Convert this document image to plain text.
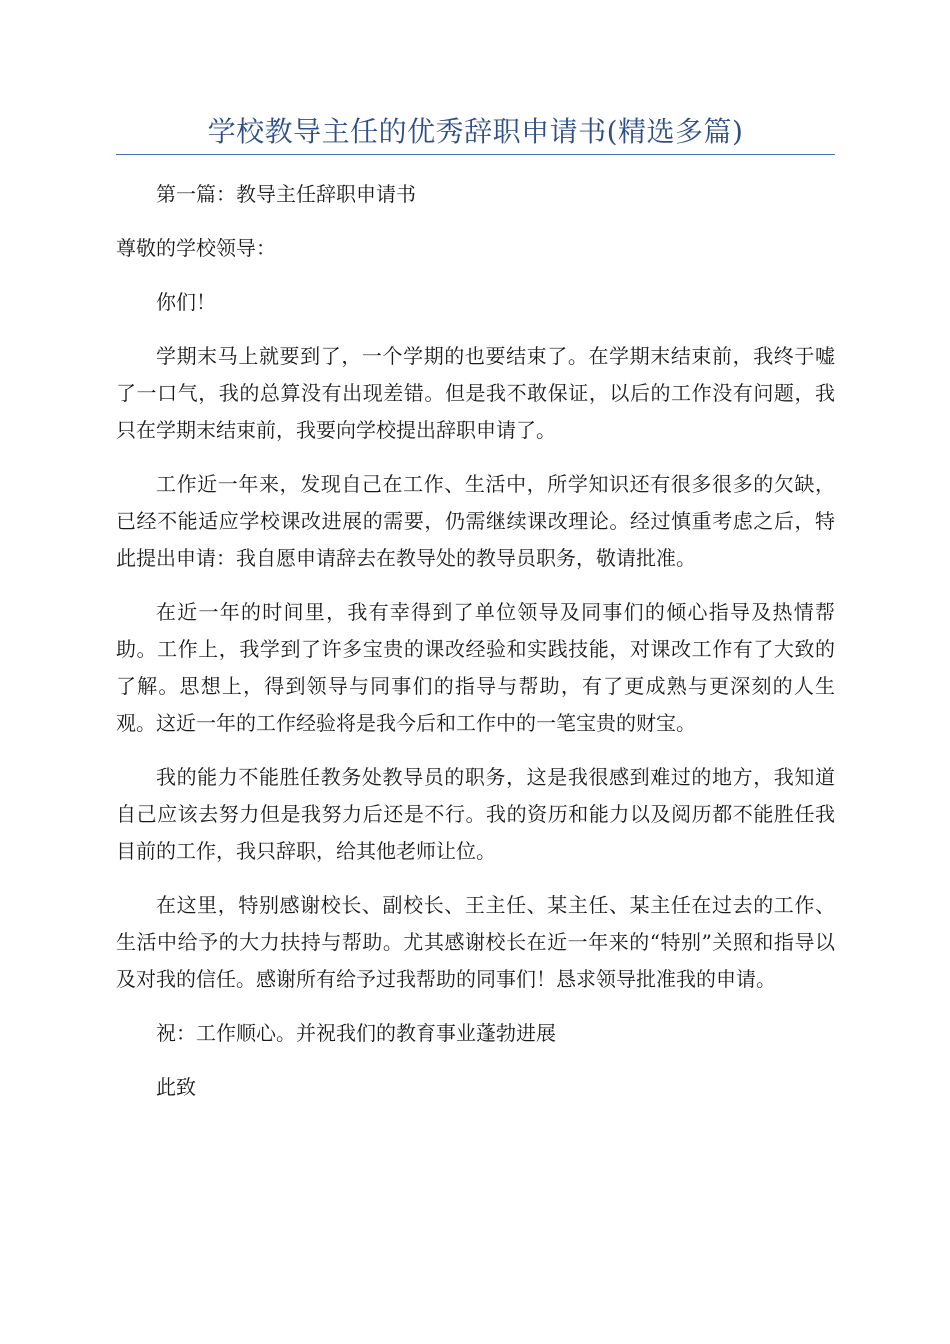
学校教导主任的优秀辞职申请书(精选多篇)

第一篇：教导主任辞职申请书

尊敬的学校领导：

你们！

学期末马上就要到了，一个学期的也要结束了。在学期末结束前，我终于嘘了一口气，我的总算没有出现差错。但是我不敢保证，以后的工作没有问题，我只在学期末结束前，我要向学校提出辞职申请了。

工作近一年来，发现自己在工作、生活中，所学知识还有很多很多的欠缺，已经不能适应学校课改进展的需要，仍需继续课改理论。经过慎重考虑之后，特此提出申请：我自愿申请辞去在教导处的教导员职务，敬请批准。

在近一年的时间里，我有幸得到了单位领导及同事们的倾心指导及热情帮助。工作上，我学到了许多宝贵的课改经验和实践技能，对课改工作有了大致的了解。思想上，得到领导与同事们的指导与帮助，有了更成熟与更深刻的人生观。这近一年的工作经验将是我今后和工作中的一笔宝贵的财宝。

我的能力不能胜任教务处教导员的职务，这是我很感到难过的地方，我知道自己应该去努力但是我努力后还是不行。我的资历和能力以及阅历都不能胜任我目前的工作，我只辞职，给其他老师让位。

在这里，特别感谢校长、副校长、王主任、某主任、某主任在过去的工作、生活中给予的大力扶持与帮助。尤其感谢校长在近一年来的“特别”关照和指导以及对我的信任。感谢所有给予过我帮助的同事们！恳求领导批准我的申请。

祝：工作顺心。并祝我们的教育事业蓬勃进展

此致
